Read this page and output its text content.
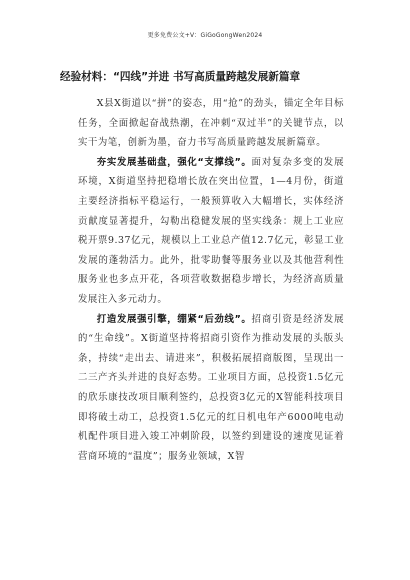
更多免费公文+V：GiGoGongWen2024
经验材料：“四线”并进 书写高质量跨越发展新篇章

X县X街道以“拼”的姿态，用“抢”的劲头，锚定全年目标任务，全面掀起奋战热潮，在冲刺“双过半”的关键节点，以实干为笔，创新为墨，奋力书写高质量跨越发展新篇章。

夯实发展基础盘，强化“支撑线”。面对复杂多变的发展环境，X街道坚持把稳增长放在突出位置，1—4月份，街道主要经济指标平稳运行，一般预算收入大幅增长，实体经济贡献度显著提升，勾勒出稳健发展的坚实线条：规上工业应税开票9.37亿元，规模以上工业总产值12.7亿元，彰显工业发展的蓬勃活力。此外，批零助餐等服务业以及其他营利性服务业也多点开花，各项营收数据稳步增长，为经济高质量发展注入多元动力。

打造发展强引擎，绷紧“后劲线”。招商引资是经济发展的“生命线”。X街道坚持将招商引资作为推动发展的头版头条，持续“走出去、请进来”，积极拓展招商版图，呈现出一二三产齐头并进的良好态势。工业项目方面，总投资1.5亿元的欣乐康技改项目顺利签约，总投资3亿元的X智能科技项目即将破土动工，总投资1.5亿元的红日机电年产6000吨电动机配件项目进入竣工冲刺阶段，以签约到建设的速度见证着营商环境的“温度”；服务业领域，X智
